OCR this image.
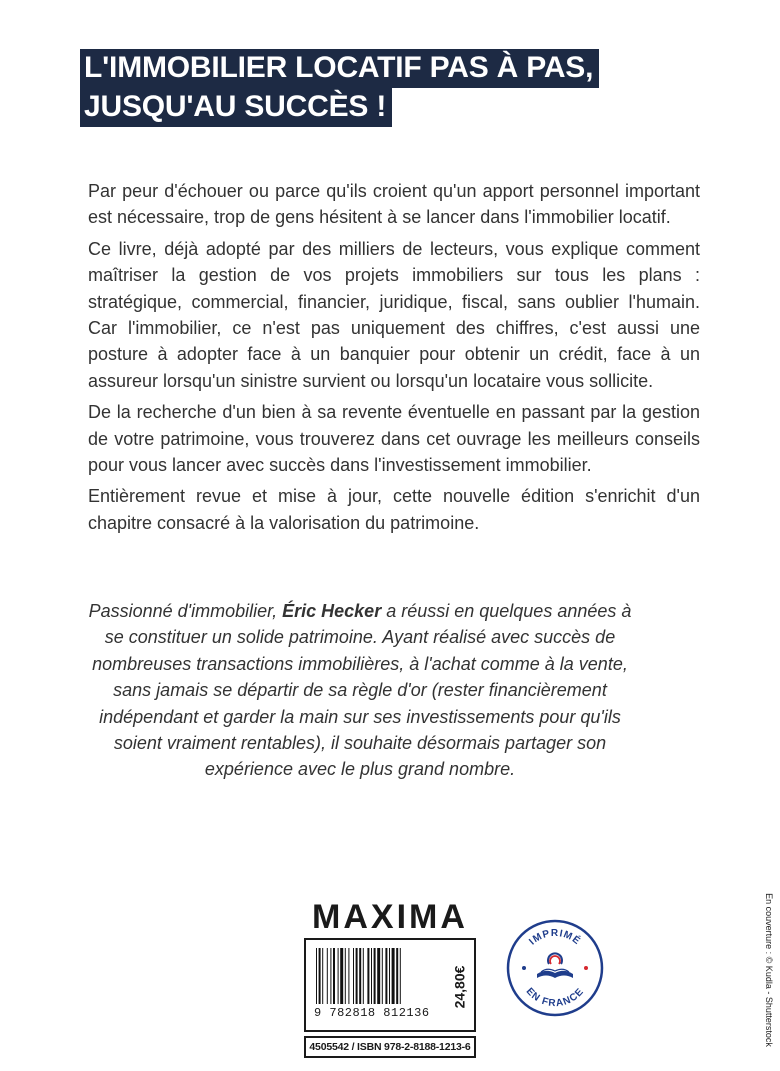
L'IMMOBILIER LOCATIF PAS À PAS,
JUSQU'AU SUCCÈS !

Par peur d'échouer ou parce qu'ils croient qu'un apport personnel important est nécessaire, trop de gens hésitent à se lancer dans l'immobilier locatif.

Ce livre, déjà adopté par des milliers de lecteurs, vous explique comment maîtriser la gestion de vos projets immobiliers sur tous les plans : stratégique, commercial, financier, juridique, fiscal, sans oublier l'humain. Car l'immobilier, ce n'est pas uniquement des chiffres, c'est aussi une posture à adopter face à un banquier pour obtenir un crédit, face à un assureur lorsqu'un sinistre survient ou lorsqu'un locataire vous sollicite.

De la recherche d'un bien à sa revente éventuelle en passant par la gestion de votre patrimoine, vous trouverez dans cet ouvrage les meilleurs conseils pour vous lancer avec succès dans l'investissement immobilier.

Entièrement revue et mise à jour, cette nouvelle édition s'enrichit d'un chapitre consacré à la valorisation du patrimoine.

Passionné d'immobilier, Éric Hecker a réussi en quelques années à se constituer un solide patrimoine. Ayant réalisé avec succès de nombreuses transactions immobilières, à l'achat comme à la vente, sans jamais se départir de sa règle d'or (rester financièrement indépendant et garder la main sur ses investissements pour qu'ils soient vraiment rentables), il souhaite désormais partager son expérience avec le plus grand nombre.

MAXIMA
9 782818 812136
24,80€
4505542 / ISBN 978-2-8188-1213-6
IMPRIMÉ
EN FRANCE	En couverture : © Kudla - Shutterstock
